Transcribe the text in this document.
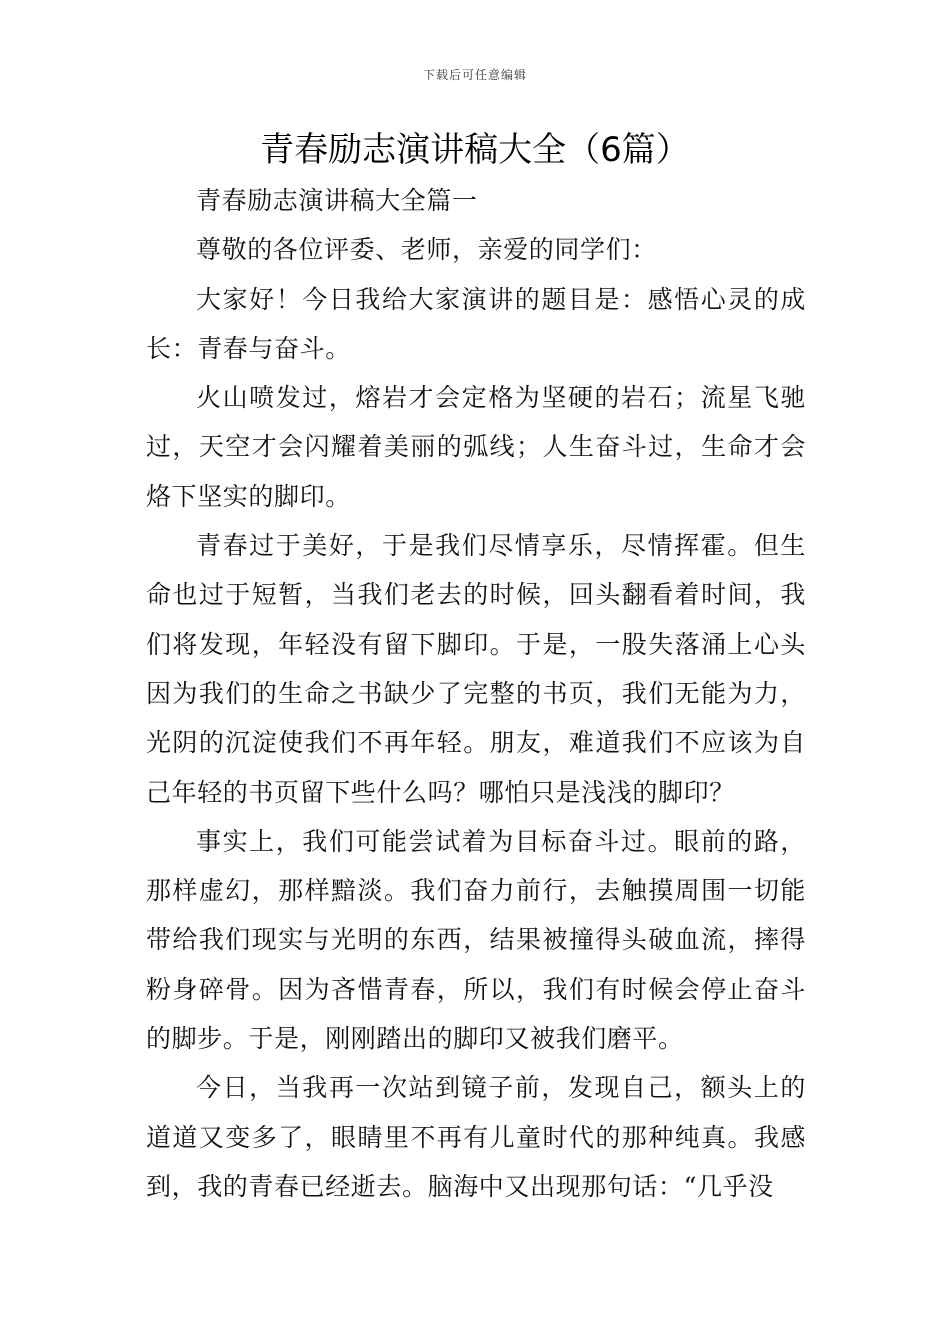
下载后可任意编辑
青春励志演讲稿大全（6篇）

青春励志演讲稿大全篇一

尊敬的各位评委、老师，亲爱的同学们：

大家好！今日我给大家演讲的题目是：感悟心灵的成长：青春与奋斗。

火山喷发过，熔岩才会定格为坚硬的岩石；流星飞驰过，天空才会闪耀着美丽的弧线；人生奋斗过，生命才会烙下坚实的脚印。

青春过于美好，于是我们尽情享乐，尽情挥霍。但生命也过于短暂，当我们老去的时候，回头翻看着时间，我们将发现，年轻没有留下脚印。于是，一股失落涌上心头因为我们的生命之书缺少了完整的书页，我们无能为力，光阴的沉淀使我们不再年轻。朋友，难道我们不应该为自己年轻的书页留下些什么吗？哪怕只是浅浅的脚印？

事实上，我们可能尝试着为目标奋斗过。眼前的路，那样虚幻，那样黯淡。我们奋力前行，去触摸周围一切能带给我们现实与光明的东西，结果被撞得头破血流，摔得粉身碎骨。因为吝惜青春，所以，我们有时候会停止奋斗的脚步。于是，刚刚踏出的脚印又被我们磨平。

今日，当我再一次站到镜子前，发现自己，额头上的道道又变多了，眼睛里不再有儿童时代的那种纯真。我感到，我的青春已经逝去。脑海中又出现那句话：“几乎没
